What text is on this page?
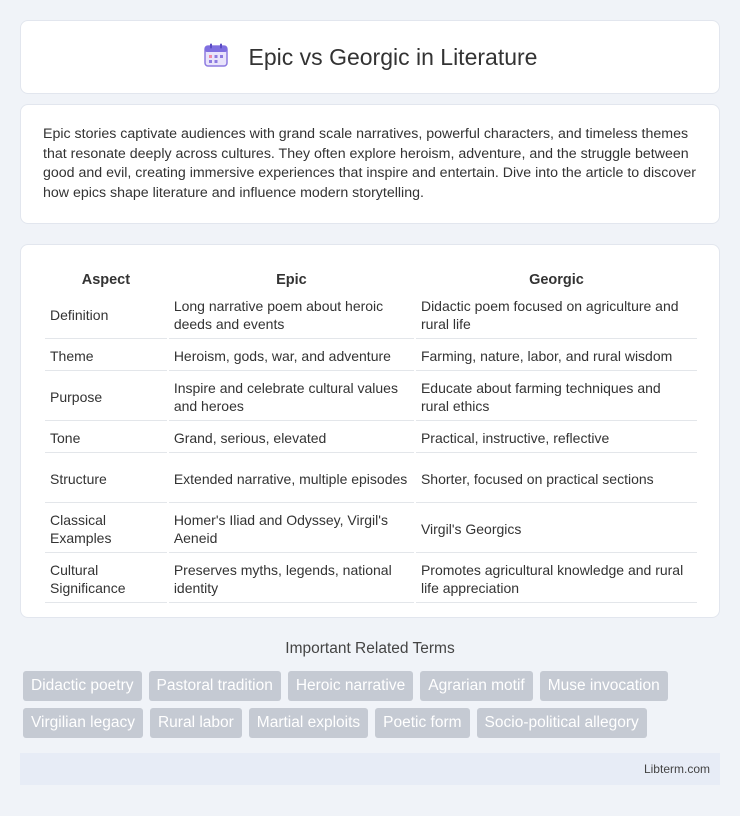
Epic vs Georgic in Literature

Epic stories captivate audiences with grand scale narratives, powerful characters, and timeless themes that resonate deeply across cultures. They often explore heroism, adventure, and the struggle between good and evil, creating immersive experiences that inspire and entertain. Dive into the article to discover how epics shape literature and influence modern storytelling.

Aspect	Epic	Georgic
Definition	Long narrative poem about heroic deeds and events	Didactic poem focused on agriculture and rural life
Theme	Heroism, gods, war, and adventure	Farming, nature, labor, and rural wisdom
Purpose	Inspire and celebrate cultural values and heroes	Educate about farming techniques and rural ethics
Tone	Grand, serious, elevated	Practical, instructive, reflective
Structure	Extended narrative, multiple episodes	Shorter, focused on practical sections
Classical Examples	Homer's Iliad and Odyssey, Virgil's Aeneid	Virgil's Georgics
Cultural Significance	Preserves myths, legends, national identity	Promotes agricultural knowledge and rural life appreciation
Important Related Terms
Didactic poetry	Pastoral tradition	Heroic narrative	Agrarian motif	Muse invocation
Virgilian legacy	Rural labor	Martial exploits	Poetic form	Socio-political allegory
Libterm.com
